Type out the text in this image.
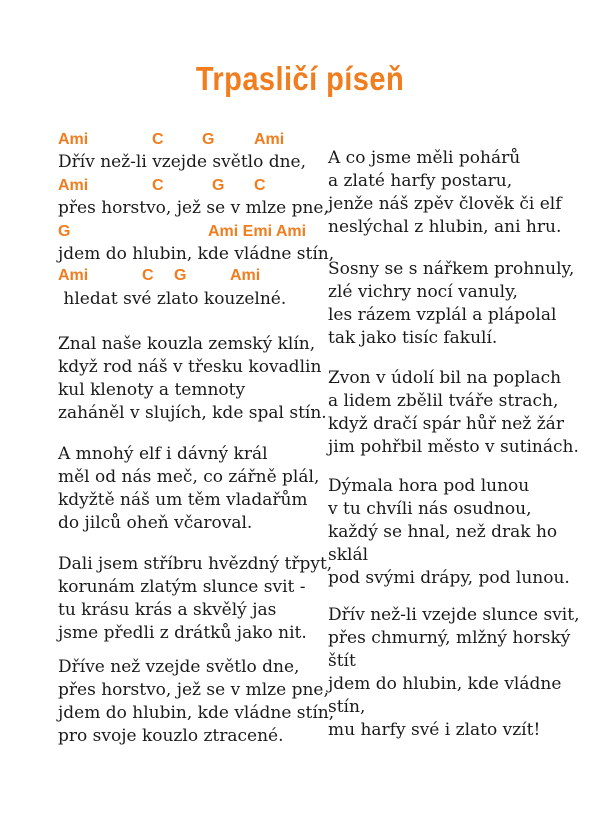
Trpasličí píseň
Ami	C G Ami
Dřív než-li vzejde světlo dne,
Ami	C	G C
přes horstvo, jež se v mlze pne,
G	Ami Emi Ami
jdem do hlubin, kde vládne stín,
Ami	C G	Ami
hledat své zlato kouzelné.
Znal naše kouzla zemský klín,
když rod náš v třesku kovadlin
kul klenoty a temnoty
zaháněl v slujích, kde spal stín.
A mnohý elf i dávný král
měl od nás meč, co zářně plál,
kdyžtě náš um těm vladařům
do jilců oheň včaroval.
Dali jsem stříbru hvězdný třpyt,
korunám zlatým slunce svit -
tu krásu krás a skvělý jas
jsme předli z drátků jako nit.
Dříve než vzejde světlo dne,
přes horstvo, jež se v mlze pne,
jdem do hlubin, kde vládne stín,
pro svoje kouzlo ztracené.
A co jsme měli pohárů
a zlaté harfy postaru,
jenže náš zpěv člověk či elf
neslýchal z hlubin, ani hru.
Sosny se s nářkem prohnuly,
zlé vichry nocí vanuly,
les rázem vzplál a plápolal
tak jako tisíc fakulí.
Zvon v údolí bil na poplach
a lidem zbělil tváře strach,
když dračí spár hůř než žár
jim pohřbil město v sutinách.
Dýmala hora pod lunou
v tu chvíli nás osudnou,
každý se hnal, než drak ho
sklál
pod svými drápy, pod lunou.
Dřív než-li vzejde slunce svit,
přes chmurný, mlžný horský
štít
jdem do hlubin, kde vládne
stín,
mu harfy své i zlato vzít!
